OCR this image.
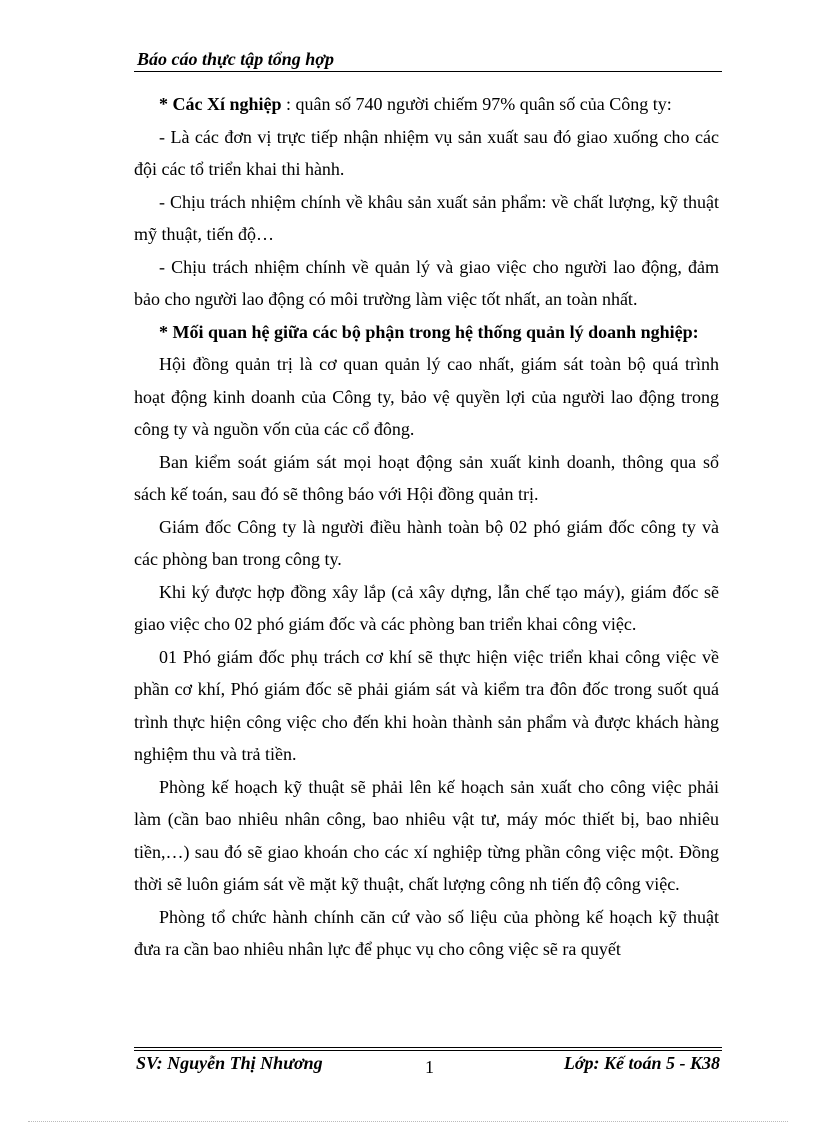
Báo cáo thực tập tổng hợp

* Các Xí nghiệp : quân số 740 người chiếm 97% quân số của Công ty:

- Là các đơn vị trực tiếp nhận nhiệm vụ sản xuất sau đó giao xuống cho các đội các tổ triển khai thi hành.

- Chịu trách nhiệm chính về khâu sản xuất sản phẩm: về chất lượng, kỹ thuật mỹ thuật, tiến độ…

- Chịu trách nhiệm chính về quản lý và giao việc cho người lao động, đảm bảo cho người lao động có môi trường làm việc tốt nhất, an toàn nhất.

* Mối quan hệ giữa các bộ phận trong hệ thống quản lý doanh nghiệp:

Hội đồng quản trị là cơ quan quản lý cao nhất, giám sát toàn bộ quá trình hoạt động kinh doanh của Công ty, bảo vệ quyền lợi của người lao động trong công ty và nguồn vốn của các cổ đông.

Ban kiểm soát giám sát mọi hoạt động sản xuất kinh doanh, thông qua sổ sách kế toán, sau đó sẽ thông báo với Hội đồng quản trị.

Giám đốc Công ty là người điều hành toàn bộ 02 phó giám đốc công ty và các phòng ban trong công ty.

Khi ký được hợp đồng xây lắp (cả xây dựng, lẫn chế tạo máy), giám đốc sẽ giao việc cho 02 phó giám đốc và các phòng ban triển khai công việc.

01 Phó giám đốc phụ trách cơ khí sẽ thực hiện việc triển khai công việc về phần cơ khí, Phó giám đốc sẽ phải giám sát và kiểm tra đôn đốc trong suốt quá trình thực hiện công việc cho đến khi hoàn thành sản phẩm và được khách hàng nghiệm thu và trả tiền.

Phòng kế hoạch kỹ thuật sẽ phải lên kế hoạch sản xuất cho công việc phải làm (cần bao nhiêu nhân công, bao nhiêu vật tư, máy móc thiết bị, bao nhiêu tiền,…) sau đó sẽ giao khoán cho các xí nghiệp từng phần công việc một. Đồng thời sẽ luôn giám sát về mặt kỹ thuật, chất lượng công nh tiến độ công việc.

Phòng tổ chức hành chính căn cứ vào số liệu của phòng kế hoạch kỹ thuật đưa ra cần bao nhiêu nhân lực để phục vụ cho công việc sẽ ra quyết

SV: Nguyễn Thị Nhương	1	Lớp: Kế toán 5 - K38
